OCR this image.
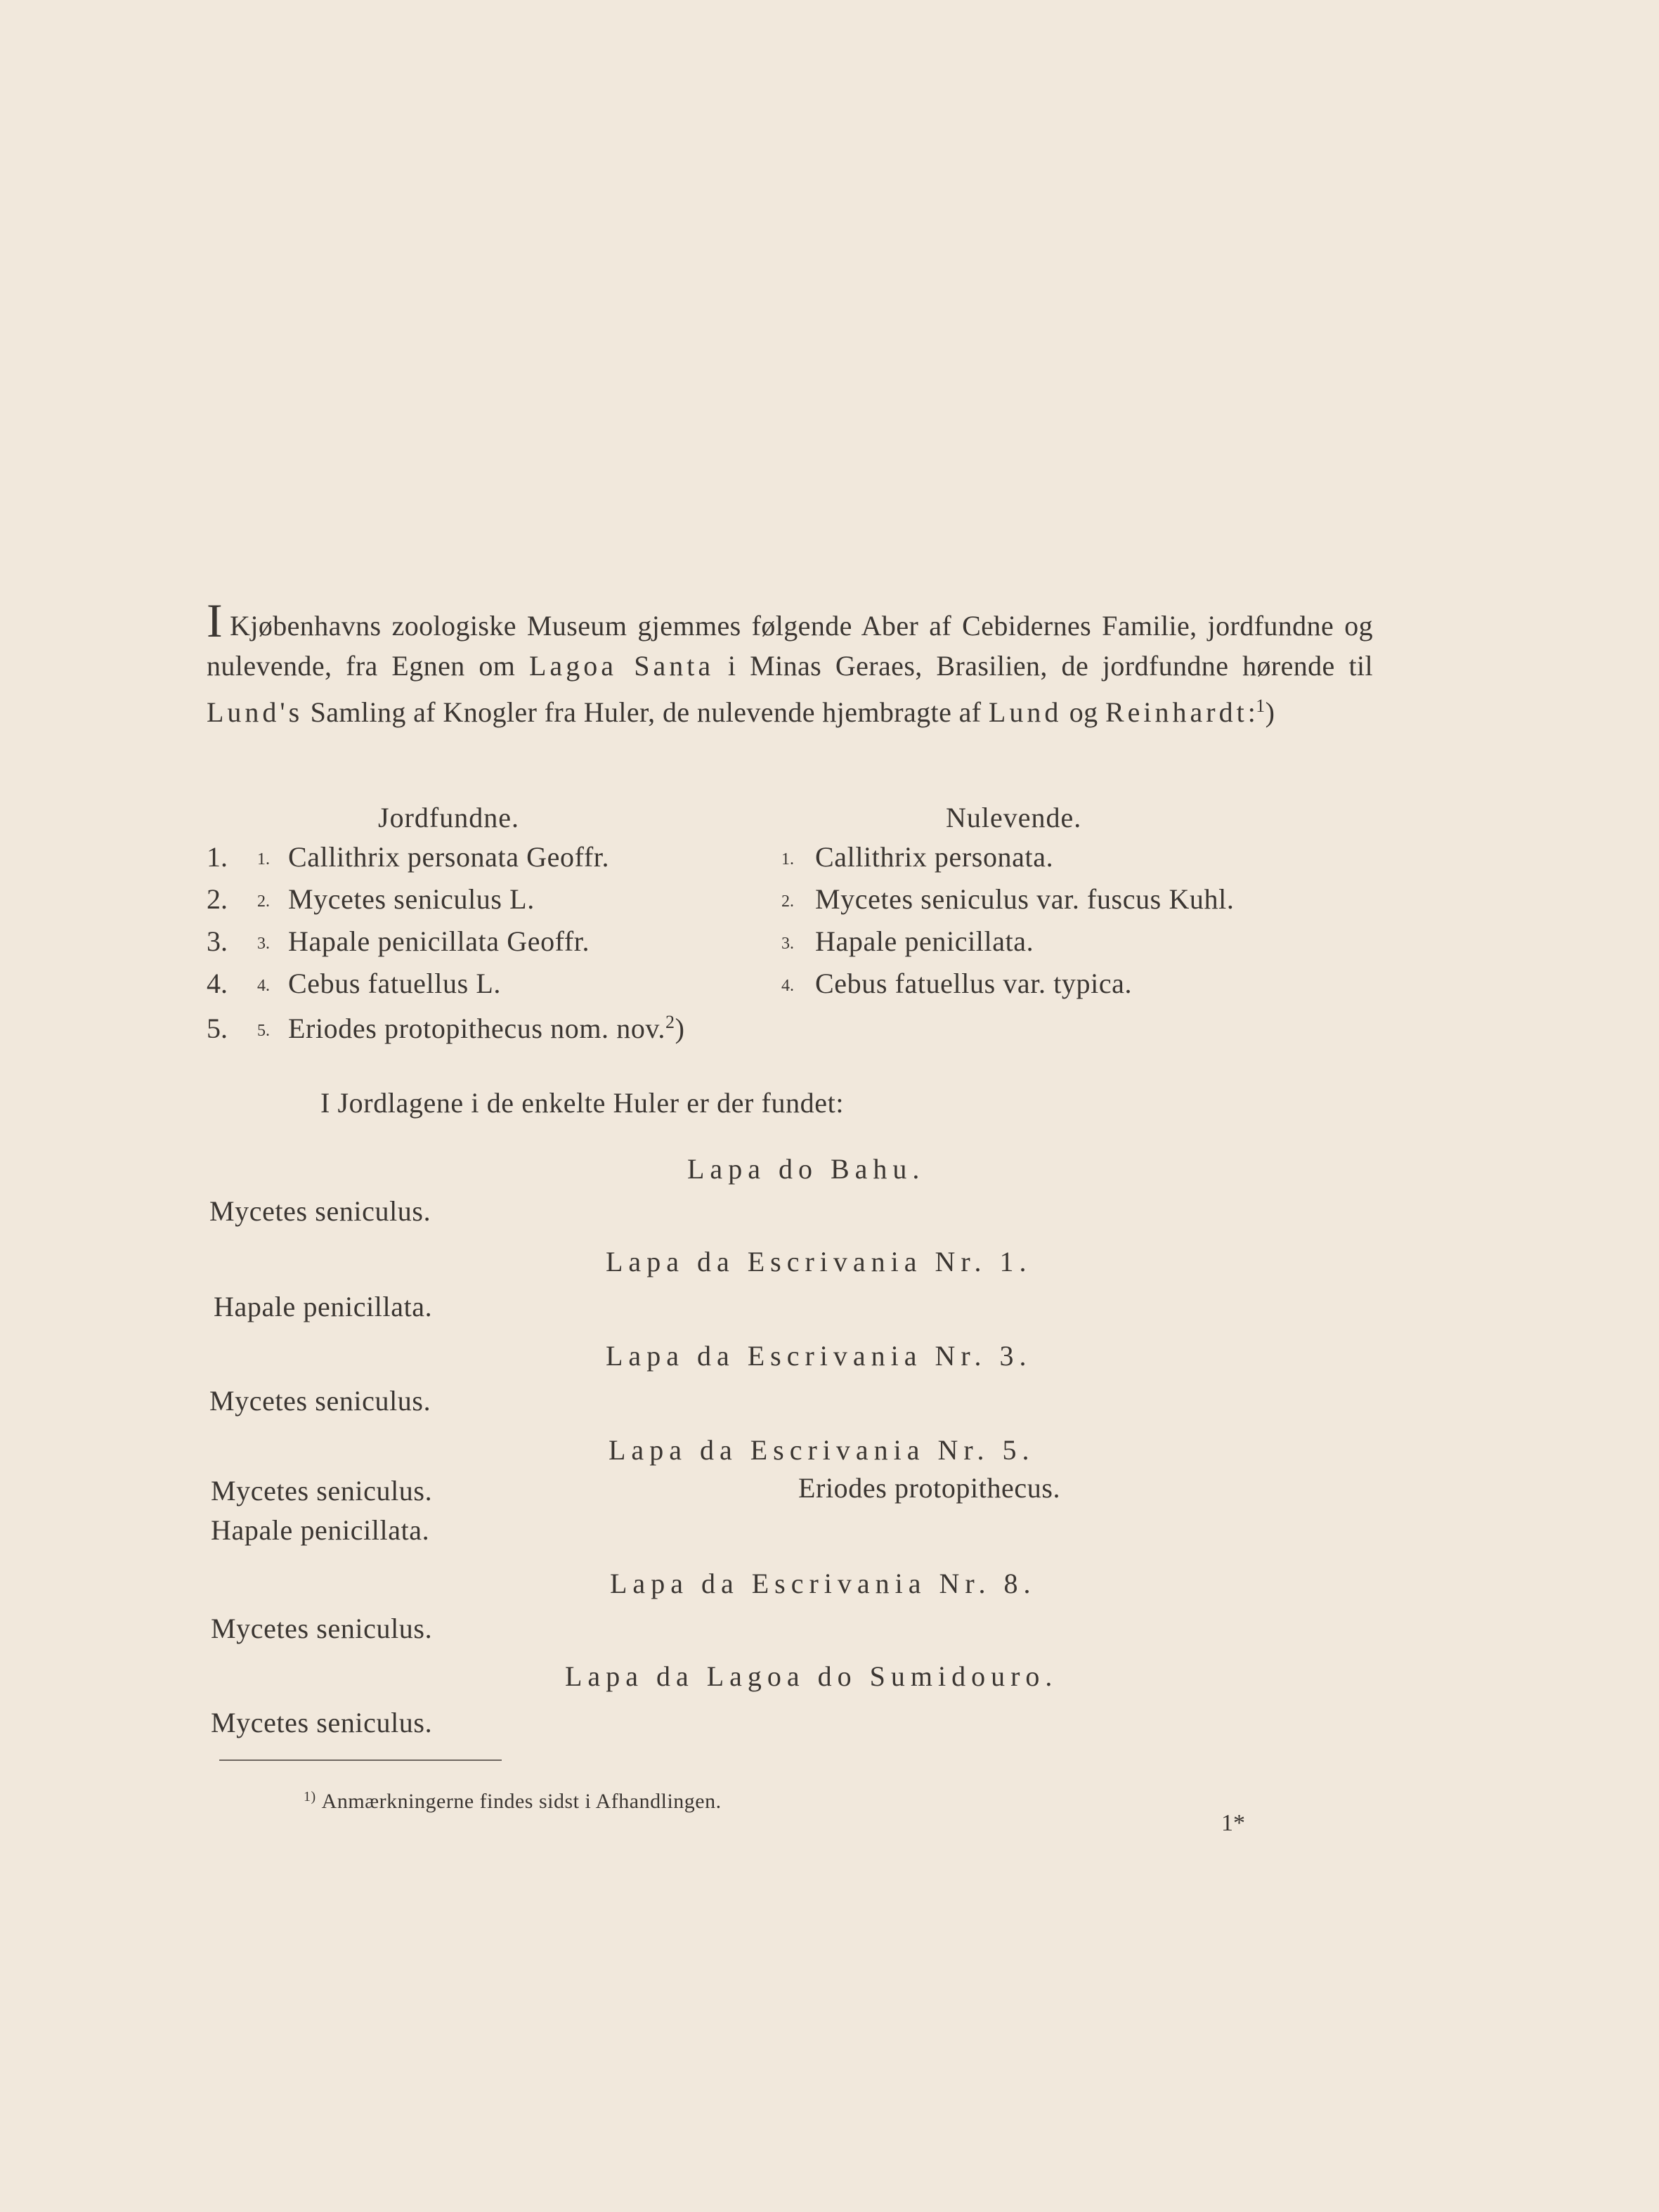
I Kjøbenhavns zoologiske Museum gjemmes følgende Aber af Cebidernes Familie, jordfundne og nulevende, fra Egnen om Lagoa Santa i Minas Geraes, Brasilien, de jordfundne hørende til Lund's Samling af Knogler fra Huler, de nulevende hjembragte af Lund og Reinhardt:$^1$)
Jordfundne.
1. 1. Callithrix personata Geoffr.
2. 2. Mycetes seniculus L.
3. 3. Hapale penicillata Geoffr.
4. 4. Cebus fatuellus L.
5. 5. Eriodes protopithecus nom. nov.$^2$)
Nulevende.
1. Callithrix personata.
2. Mycetes seniculus var. fuscus Kuhl.
3. Hapale penicillata.
4. Cebus fatuellus var. typica.
I Jordlagene i de enkelte Huler er der fundet:
Lapa do Bahu.
Mycetes seniculus.
Lapa da Escrivania Nr. 1.
Hapale penicillata.
Lapa da Escrivania Nr. 3.
Mycetes seniculus.
Lapa da Escrivania Nr. 5.
Mycetes seniculus.	Eriodes protopithecus.
Hapale penicillata.
Lapa da Escrivania Nr. 8.
Mycetes seniculus.
Lapa da Lagoa do Sumidouro.
Mycetes seniculus.
$^{1)}$ Anmærkningerne findes sidst i Afhandlingen.
1*
